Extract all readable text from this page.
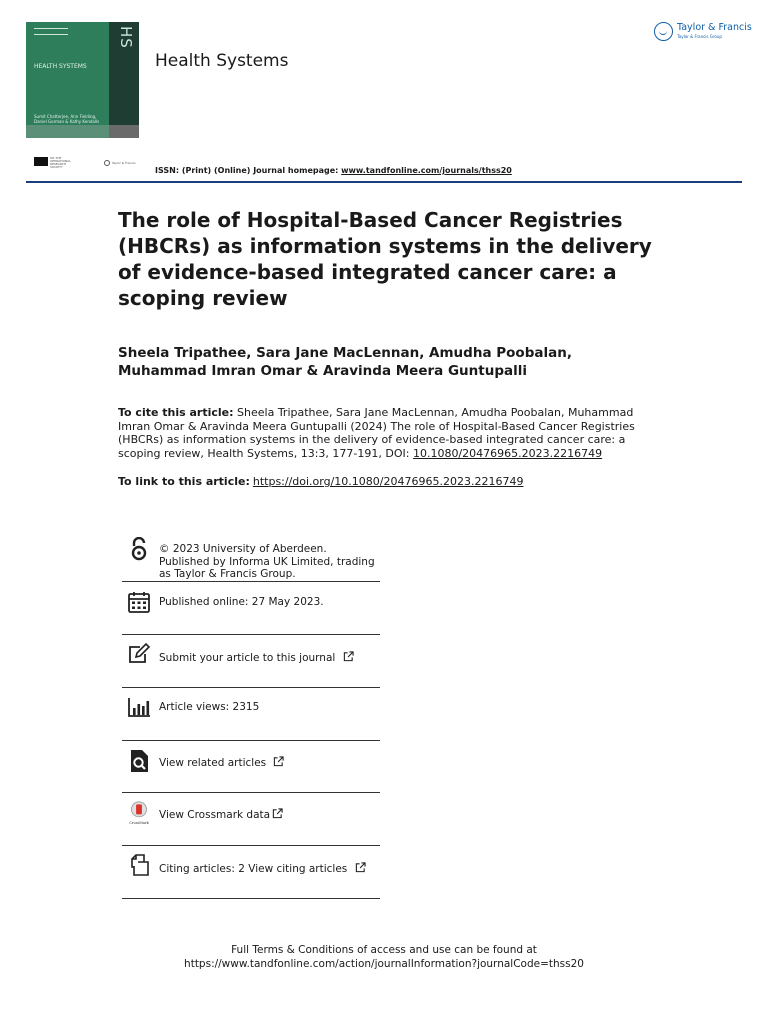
HS
HEALTH SYSTEMS
Sumit Chatterjee, Ann Fielding, Daniel Gorman & Kathy Kendalls
Health Systems
Taylor & Francis
Taylor & Francis Group
OR THE OPERATIONAL RESEARCH SOCIETY
Taylor & Francis
ISSN: (Print) (Online) Journal homepage: www.tandfonline.com/journals/thss20
The role of Hospital-Based Cancer Registries (HBCRs) as information systems in the delivery of evidence-based integrated cancer care: a scoping review
Sheela Tripathee, Sara Jane MacLennan, Amudha Poobalan, Muhammad Imran Omar & Aravinda Meera Guntupalli
To cite this article: Sheela Tripathee, Sara Jane MacLennan, Amudha Poobalan, Muhammad Imran Omar & Aravinda Meera Guntupalli (2024) The role of Hospital-Based Cancer Registries (HBCRs) as information systems in the delivery of evidence-based integrated cancer care: a scoping review, Health Systems, 13:3, 177-191, DOI: 10.1080/20476965.2023.2216749
To link to this article: https://doi.org/10.1080/20476965.2023.2216749
© 2023 University of Aberdeen. Published by Informa UK Limited, trading as Taylor & Francis Group.
Published online: 27 May 2023.
Submit your article to this journal
Article views: 2315
View related articles
CrossMark
View Crossmark data
Citing articles: 2 View citing articles
Full Terms & Conditions of access and use can be found at
https://www.tandfonline.com/action/journalInformation?journalCode=thss20
